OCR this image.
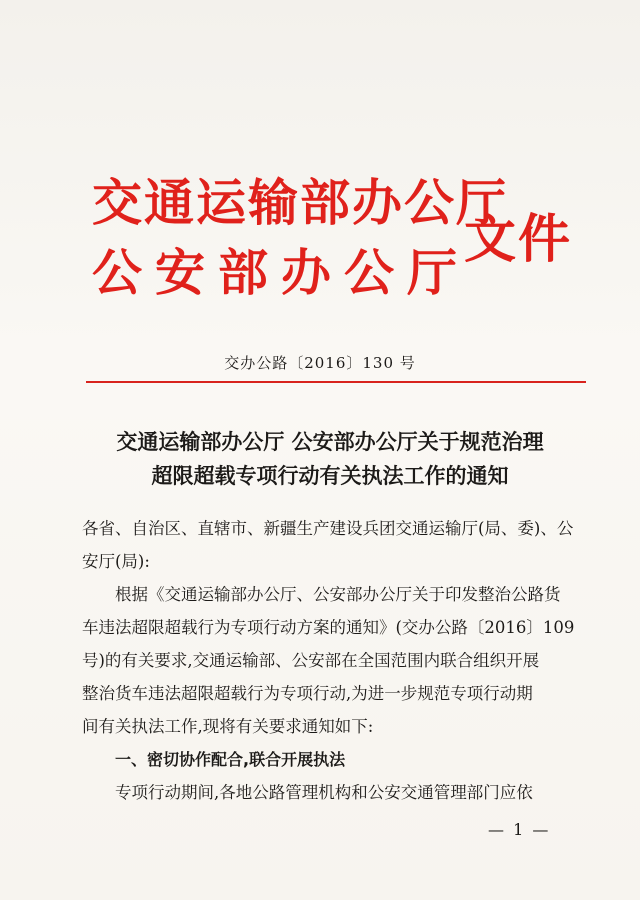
交通运输部办公厅
公安部办公厅
文件
交办公路〔2016〕130 号
交通运输部办公厅 公安部办公厅关于规范治理
超限超载专项行动有关执法工作的通知
各省、自治区、直辖市、新疆生产建设兵团交通运输厅(局、委)、公
安厅(局):
根据《交通运输部办公厅、公安部办公厅关于印发整治公路货
车违法超限超载行为专项行动方案的通知》(交办公路〔2016〕109
号)的有关要求,交通运输部、公安部在全国范围内联合组织开展
整治货车违法超限超载行为专项行动,为进一步规范专项行动期
间有关执法工作,现将有关要求通知如下:
一、密切协作配合,联合开展执法
专项行动期间,各地公路管理机构和公安交通管理部门应依
— 1 —
